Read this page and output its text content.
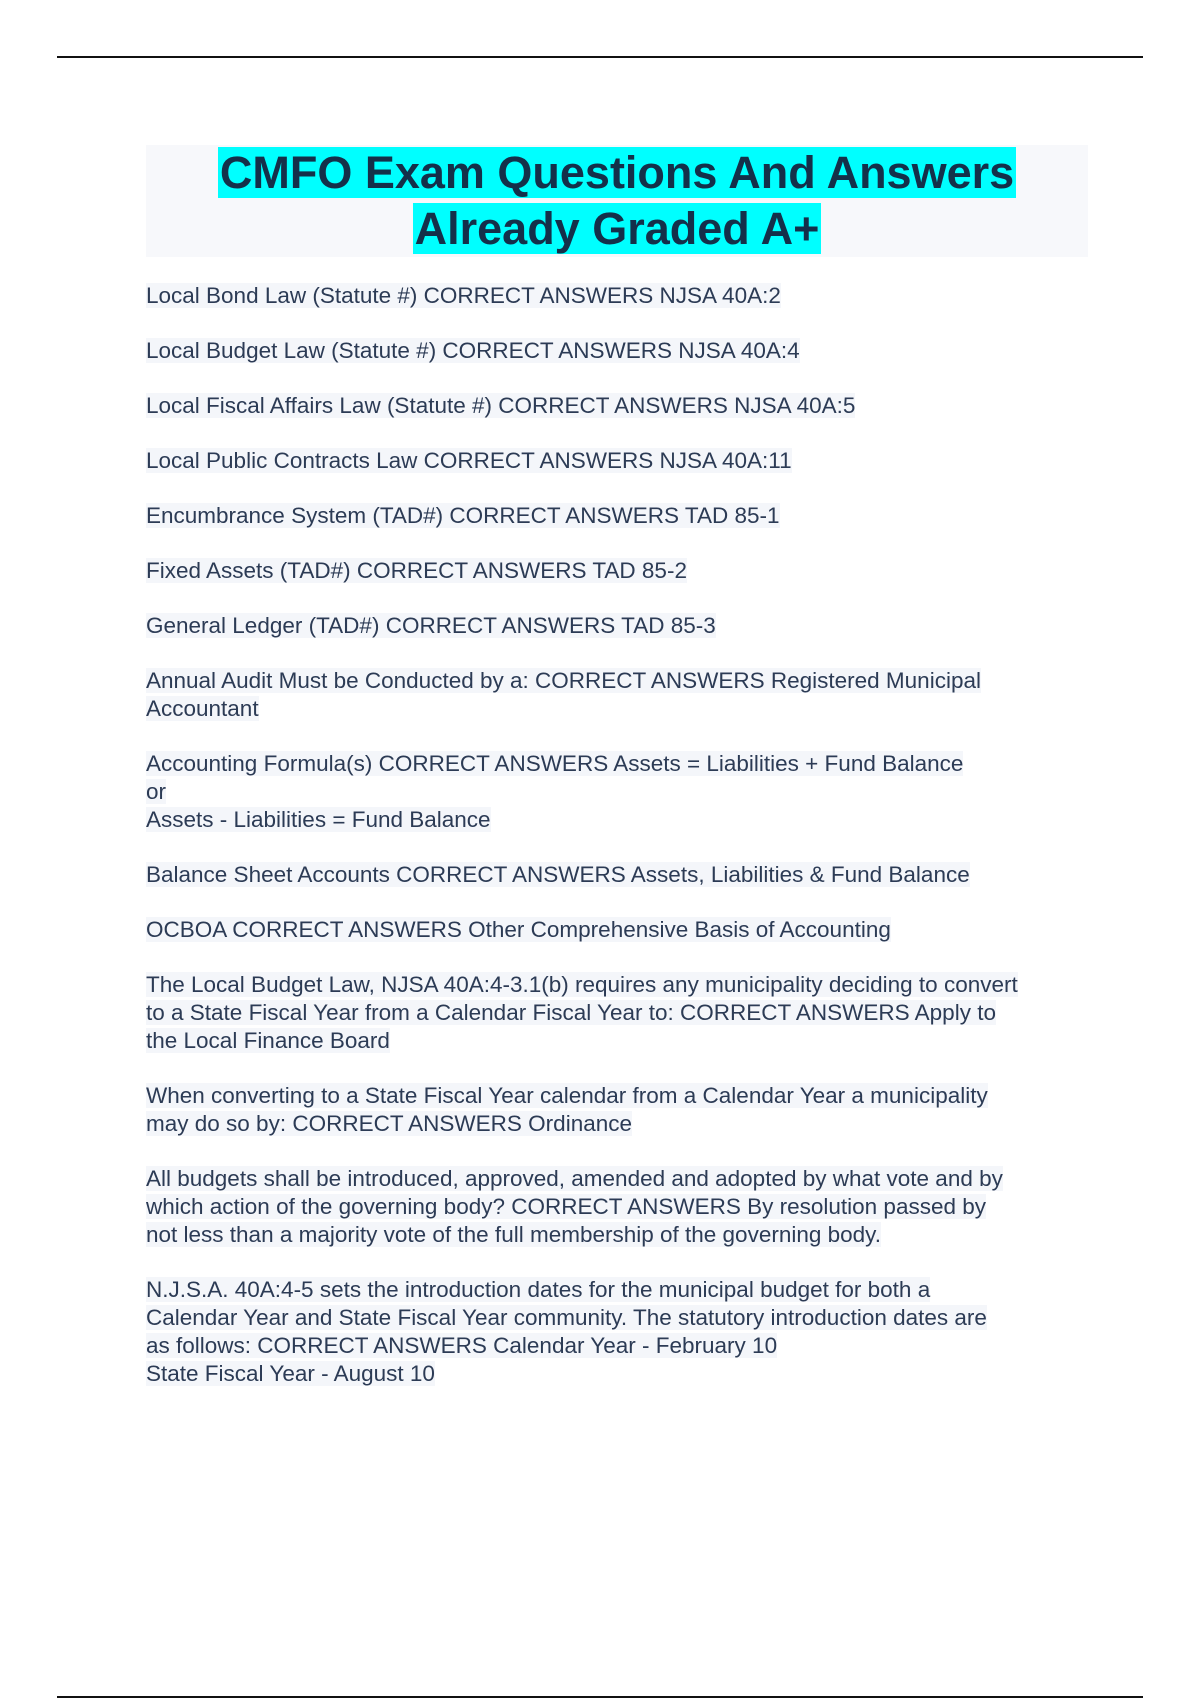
CMFO Exam Questions And Answers
Already Graded A+
Local Bond Law (Statute #) CORRECT ANSWERS NJSA 40A:2
Local Budget Law (Statute #) CORRECT ANSWERS NJSA 40A:4
Local Fiscal Affairs Law (Statute #) CORRECT ANSWERS NJSA 40A:5
Local Public Contracts Law CORRECT ANSWERS NJSA 40A:11
Encumbrance System (TAD#) CORRECT ANSWERS TAD 85-1
Fixed Assets (TAD#) CORRECT ANSWERS TAD 85-2
General Ledger (TAD#) CORRECT ANSWERS TAD 85-3
Annual Audit Must be Conducted by a: CORRECT ANSWERS Registered Municipal
Accountant
Accounting Formula(s) CORRECT ANSWERS Assets = Liabilities + Fund Balance
or
Assets - Liabilities = Fund Balance
Balance Sheet Accounts CORRECT ANSWERS Assets, Liabilities & Fund Balance
OCBOA CORRECT ANSWERS Other Comprehensive Basis of Accounting
The Local Budget Law, NJSA 40A:4-3.1(b) requires any municipality deciding to convert
to a State Fiscal Year from a Calendar Fiscal Year to: CORRECT ANSWERS Apply to
the Local Finance Board
When converting to a State Fiscal Year calendar from a Calendar Year a municipality
may do so by: CORRECT ANSWERS Ordinance
All budgets shall be introduced, approved, amended and adopted by what vote and by
which action of the governing body? CORRECT ANSWERS By resolution passed by
not less than a majority vote of the full membership of the governing body.
N.J.S.A. 40A:4-5 sets the introduction dates for the municipal budget for both a
Calendar Year and State Fiscal Year community. The statutory introduction dates are
as follows: CORRECT ANSWERS Calendar Year - February 10
State Fiscal Year - August 10
